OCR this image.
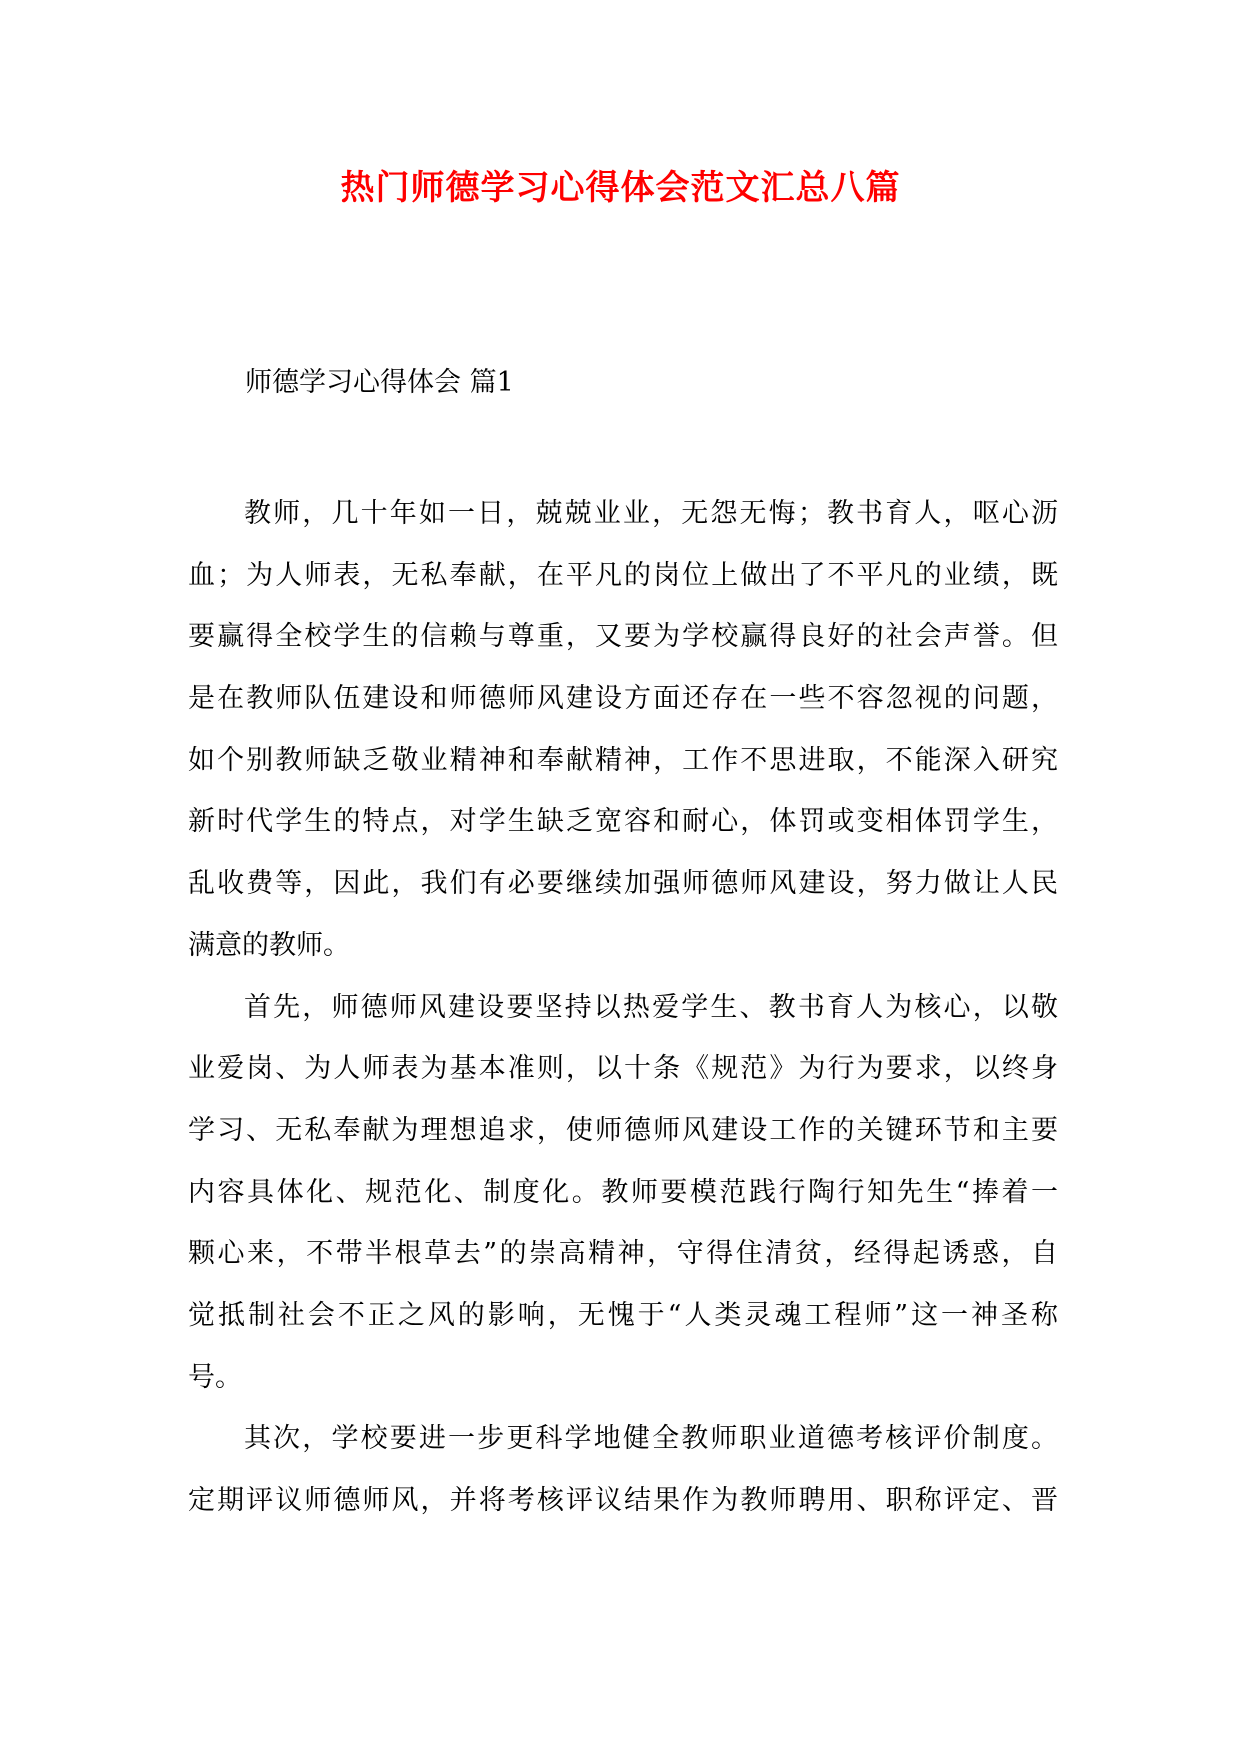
热门师德学习心得体会范文汇总八篇
师德学习心得体会 篇1
教师，几十年如一日，兢兢业业，无怨无悔；教书育人，呕心沥
血；为人师表，无私奉献，在平凡的岗位上做出了不平凡的业绩，既
要赢得全校学生的信赖与尊重，又要为学校赢得良好的社会声誉。但
是在教师队伍建设和师德师风建设方面还存在一些不容忽视的问题，
如个别教师缺乏敬业精神和奉献精神，工作不思进取，不能深入研究
新时代学生的特点，对学生缺乏宽容和耐心，体罚或变相体罚学生，
乱收费等，因此，我们有必要继续加强师德师风建设，努力做让人民
满意的教师。
首先，师德师风建设要坚持以热爱学生、教书育人为核心，以敬
业爱岗、为人师表为基本准则，以十条《规范》为行为要求，以终身
学习、无私奉献为理想追求，使师德师风建设工作的关键环节和主要
内容具体化、规范化、制度化。教师要模范践行陶行知先生“捧着一
颗心来，不带半根草去”的崇高精神，守得住清贫，经得起诱惑，自
觉抵制社会不正之风的影响，无愧于“人类灵魂工程师”这一神圣称
号。
其次，学校要进一步更科学地健全教师职业道德考核评价制度。
定期评议师德师风，并将考核评议结果作为教师聘用、职称评定、晋
